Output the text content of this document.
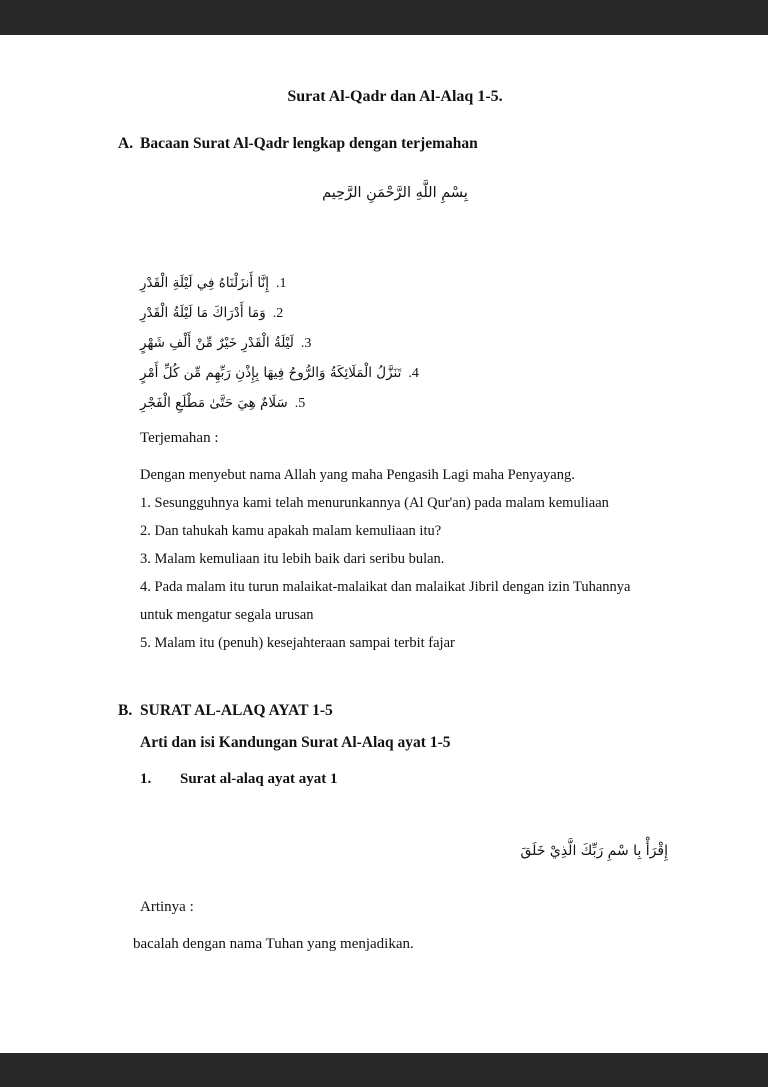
Surat Al-Qadr dan Al-Alaq 1-5.
A. Bacaan Surat Al-Qadr lengkap dengan terjemahan
بِسْمِ اللَّهِ الرَّحْمَنِ الرَّحِيم
إِنَّا أَنزَلْنَاهُ فِي لَيْلَةِ الْقَدْرِ .1
وَمَا أَدْرَاكَ مَا لَيْلَةُ الْقَدْرِ .2
لَيْلَةُ الْقَدْرِ خَيْرٌ مِّنْ أَلْفِ شَهْرٍ .3
تَنَزَّلُ الْمَلَائِكَةُ وَالرُّوحُ فِيهَا بِإِذْنِ رَبِّهِم مِّن كُلِّ أَمْرٍ .4
سَلَامٌ هِيَ حَتَّىٰ مَطْلَعِ الْفَجْرِ .5
Terjemahan :
Dengan menyebut nama Allah yang maha Pengasih Lagi maha Penyayang.
1. Sesungguhnya kami telah menurunkannya (Al Qur'an) pada malam kemuliaan
2. Dan tahukah kamu apakah malam kemuliaan itu?
3. Malam kemuliaan itu lebih baik dari seribu bulan.
4. Pada malam itu turun malaikat-malaikat dan malaikat Jibril dengan izin Tuhannya
untuk mengatur segala urusan
5. Malam itu (penuh) kesejahteraan sampai terbit fajar
B. SURAT AL-ALAQ AYAT 1-5
Arti dan isi Kandungan Surat Al-Alaq ayat 1-5
1.	Surat al-alaq ayat ayat 1
إِقْرَأْ بِا سْمِ رَبِّكَ الَّذِيْ خَلَقَ
Artinya :
bacalah dengan nama Tuhan yang menjadikan.
